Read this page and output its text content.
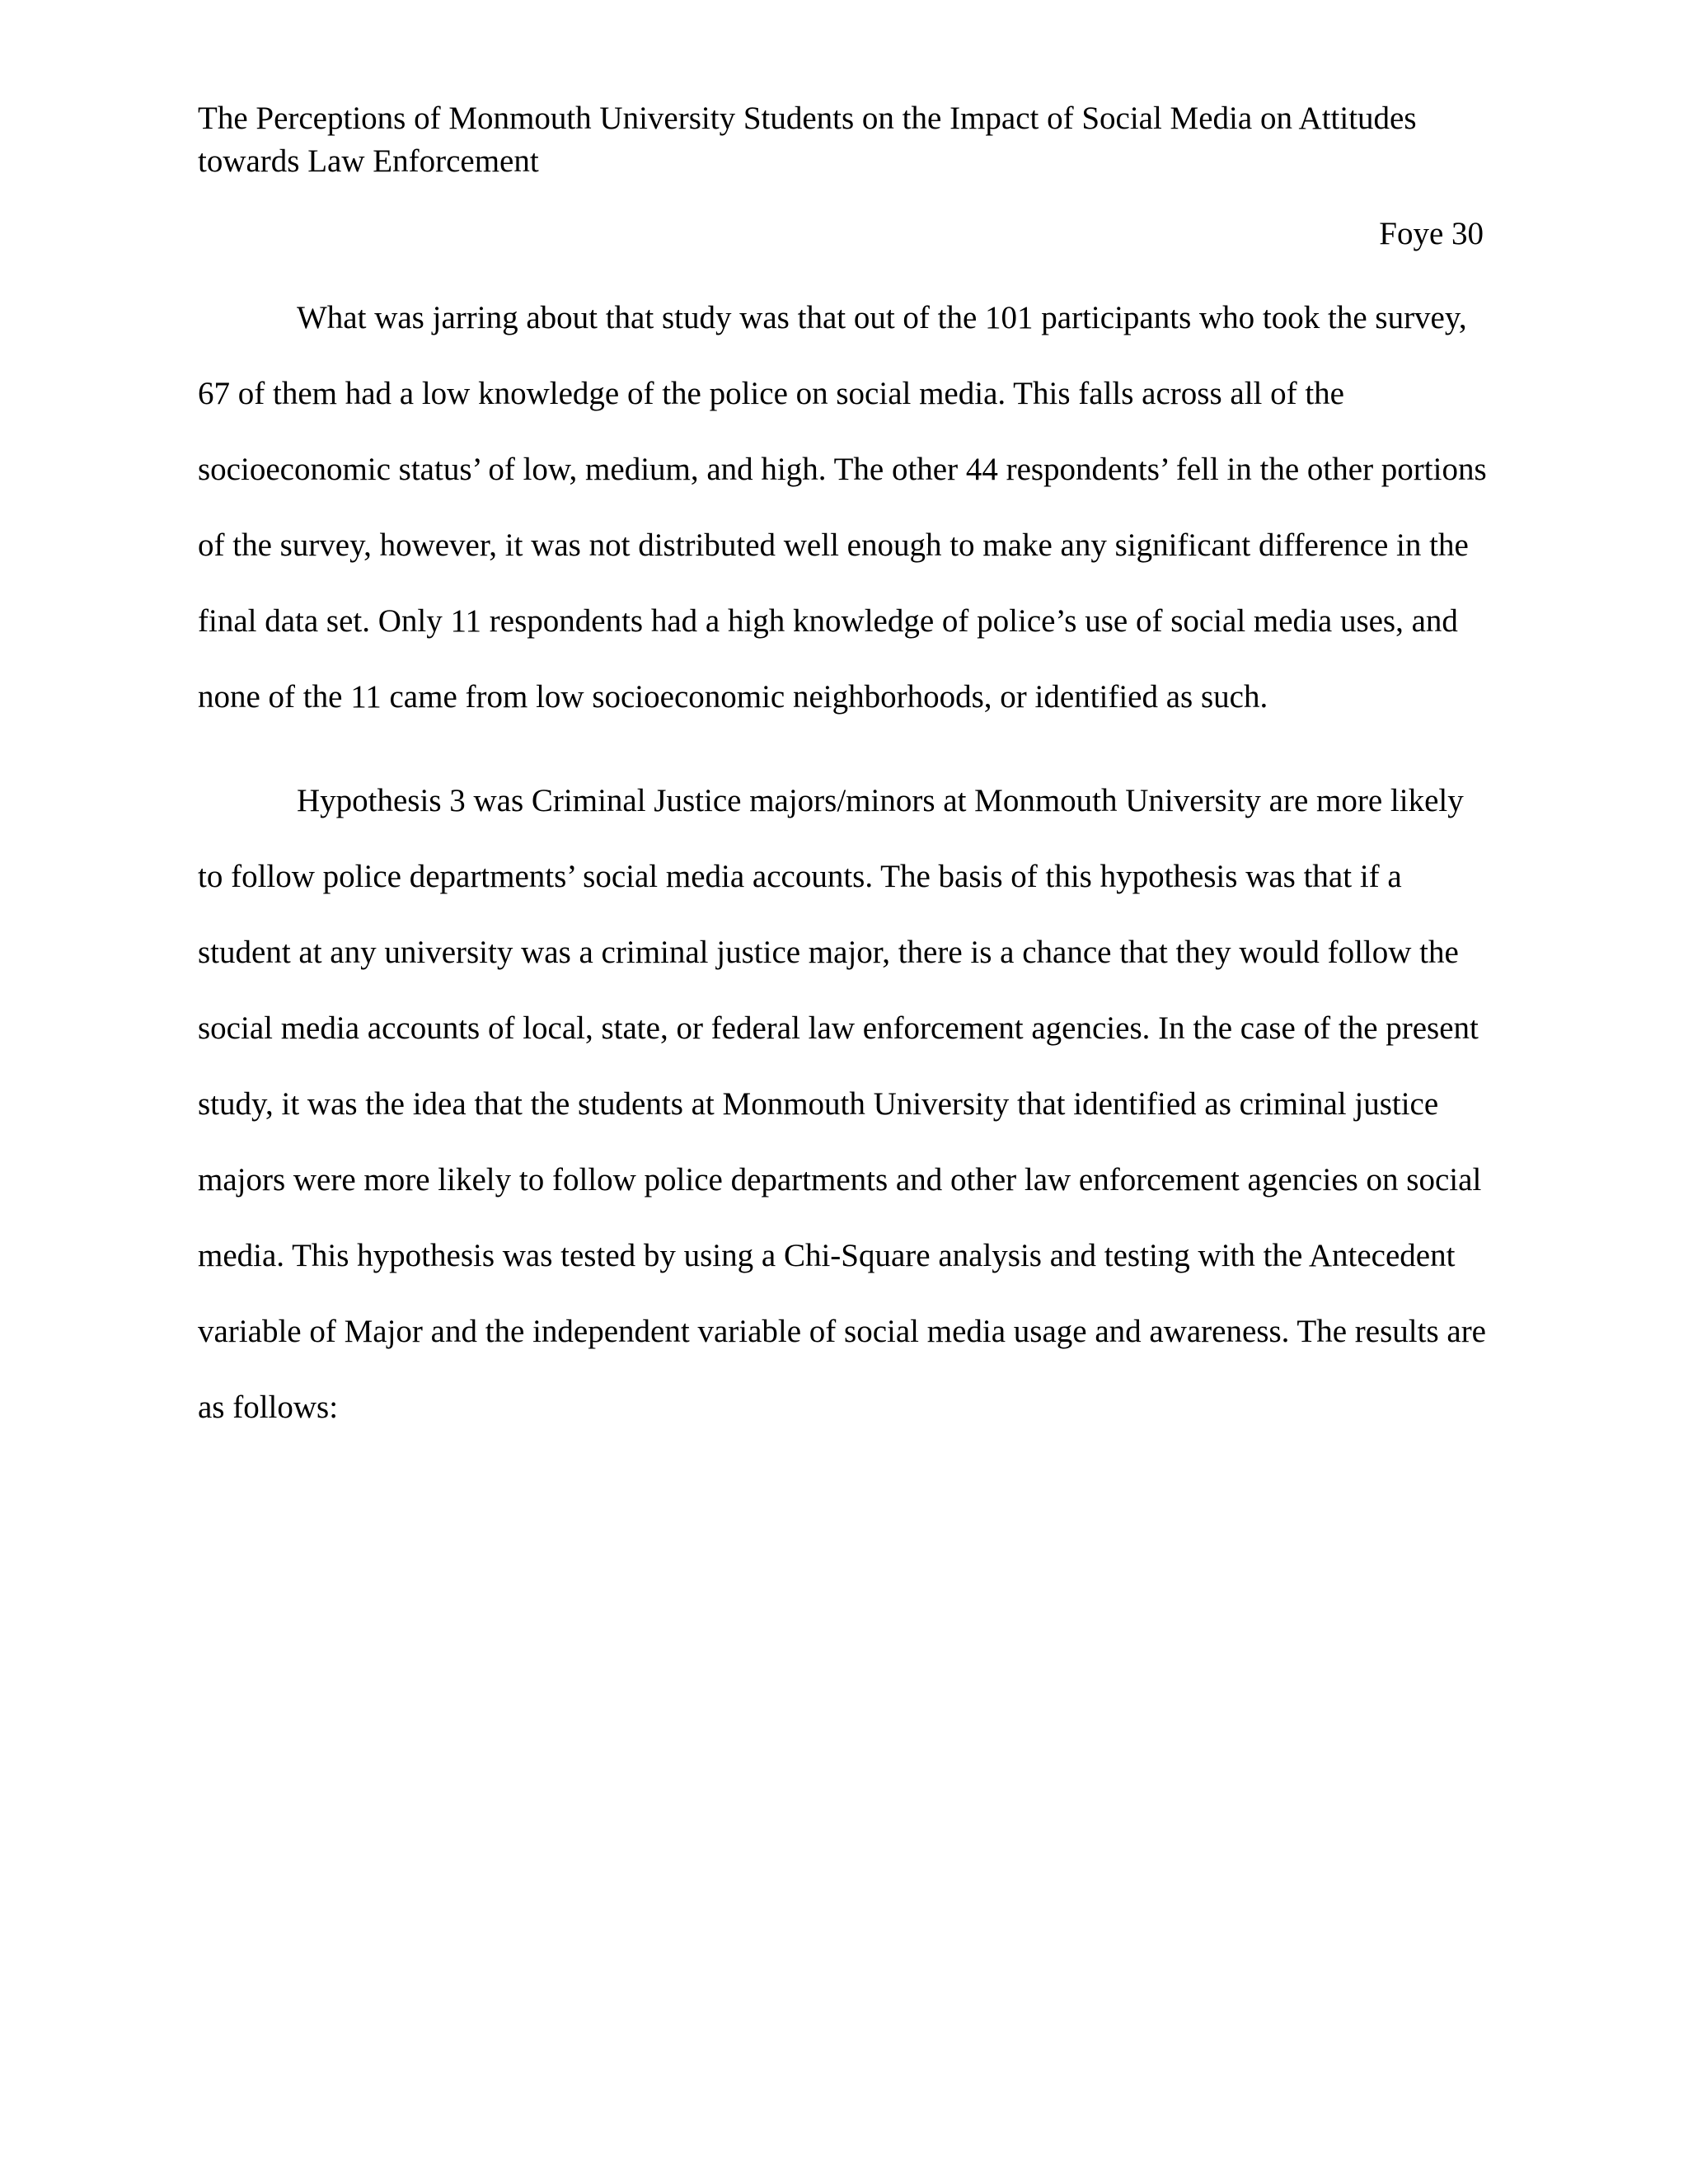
The Perceptions of Monmouth University Students on the Impact of Social Media on Attitudes towards Law Enforcement
Foye 30

What was jarring about that study was that out of the 101 participants who took the survey, 67 of them had a low knowledge of the police on social media. This falls across all of the socioeconomic status’ of low, medium, and high. The other 44 respondents’ fell in the other portions of the survey, however, it was not distributed well enough to make any significant difference in the final data set. Only 11 respondents had a high knowledge of police’s use of social media uses, and none of the 11 came from low socioeconomic neighborhoods, or identified as such.

Hypothesis 3 was Criminal Justice majors/minors at Monmouth University are more likely to follow police departments’ social media accounts. The basis of this hypothesis was that if a student at any university was a criminal justice major, there is a chance that they would follow the social media accounts of local, state, or federal law enforcement agencies. In the case of the present study, it was the idea that the students at Monmouth University that identified as criminal justice majors were more likely to follow police departments and other law enforcement agencies on social media. This hypothesis was tested by using a Chi-Square analysis and testing with the Antecedent variable of Major and the independent variable of social media usage and awareness. The results are as follows:
